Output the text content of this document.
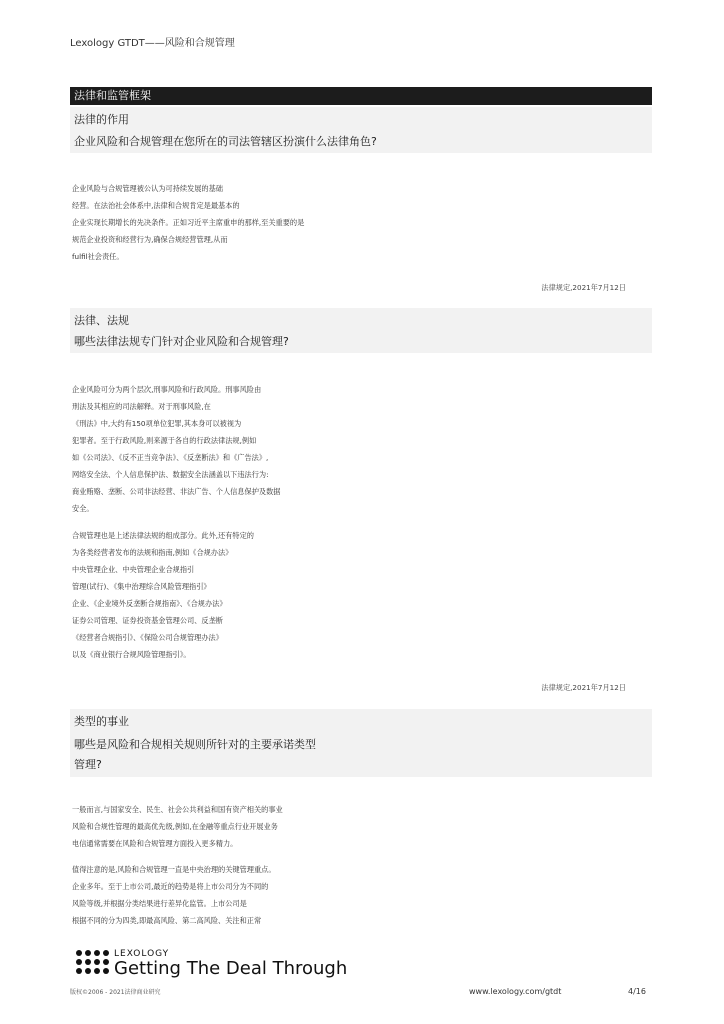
Lexology GTDT——风险和合规管理
法律和监管框架
法律的作用
企业风险和合规管理在您所在的司法管辖区扮演什么法律角色?
企业风险与合规管理被公认为可持续发展的基础
经营。在法治社会体系中,法律和合规肯定是最基本的
企业实现长期增长的先决条件。正如习近平主席重申的那样,至关重要的是
规范企业投资和经营行为,确保合规经营管理,从而
fulfil社会责任。
法律规定,2021年7月12日
法律、法规
哪些法律法规专门针对企业风险和合规管理?
企业风险可分为两个层次,刑事风险和行政风险。刑事风险由
刑法及其相应的司法解释。对于刑事风险,在
《刑法》中,大约有150项单位犯罪,其本身可以被视为
犯罪者。至于行政风险,则来源于各自的行政法律法规,例如
如《公司法》、《反不正当竞争法》、《反垄断法》和《广告法》,
网络安全法、个人信息保护法、数据安全法涵盖以下违法行为:
商业贿赂、垄断、公司非法经营、非法广告、个人信息保护及数据
安全。
合规管理也是上述法律法规的组成部分。此外,还有特定的
为各类经营者发布的法规和指南,例如《合规办法》
中央管理企业、中央管理企业合规指引
管理(试行)、《集中治理综合风险管理指引》
企业、《企业境外反垄断合规指南》、《合规办法》
证券公司管理、证券投资基金管理公司、反垄断
《经营者合规指引》、《保险公司合规管理办法》
以及《商业银行合规风险管理指引》。
法律规定,2021年7月12日
类型的事业
哪些是风险和合规相关规则所针对的主要承诺类型
管理?
一般而言,与国家安全、民生、社会公共利益和国有资产相关的事业
风险和合规性管理的最高优先级,例如,在金融等重点行业开展业务
电信通常需要在风险和合规管理方面投入更多精力。
值得注意的是,风险和合规管理一直是中央治理的关键管理重点。
企业多年。至于上市公司,最近的趋势是将上市公司分为不同的
风险等级,并根据分类结果进行差异化监管。上市公司是
根据不同的分为四类,即最高风险、第二高风险、关注和正常
LEXOLOGY
Getting The Deal Through
版权©2006 - 2021法律商业研究	www.lexology.com/gtdt	4/16
